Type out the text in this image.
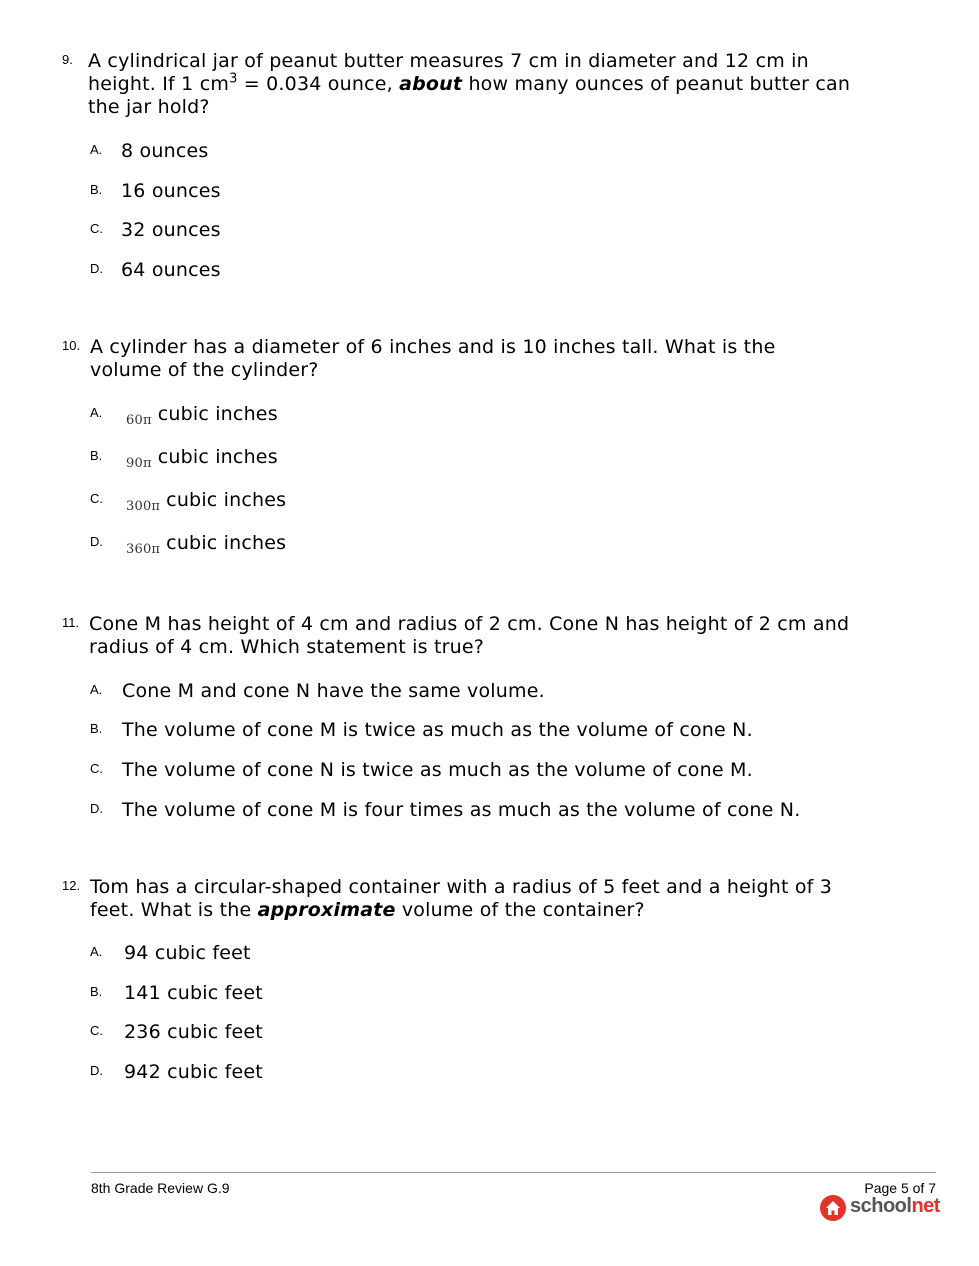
9. A cylindrical jar of peanut butter measures 7 cm in diameter and 12 cm in height. If 1 $cm^3 = 0.034$ ounce, about how many ounces of peanut butter can the jar hold?
A. 8 ounces
B. 16 ounces
C. 32 ounces
D. 64 ounces
10. A cylinder has a diameter of 6 inches and is 10 inches tall. What is the volume of the cylinder?
A.
$_{60\pi}$ cubic inches
B.
$_{90\pi}$ cubic inches
C.
$_{300\pi}$ cubic inches
D.
$_{360\pi}$ cubic inches
11. Cone M has height of 4 cm and radius of 2 cm. Cone N has height of 2 cm and radius of 4 cm. Which statement is true?
A. Cone M and cone N have the same volume.
B. The volume of cone M is twice as much as the volume of cone N.
C. The volume of cone N is twice as much as the volume of cone M.
D. The volume of cone M is four times as much as the volume of cone N.
12. Tom has a circular-shaped container with a radius of 5 feet and a height of 3 feet. What is the approximate volume of the container?
A. 94 cubic feet
B. 141 cubic feet
C. 236 cubic feet
D. 942 cubic feet
8th Grade Review G.9	Page 5 of 7
schoolnet
